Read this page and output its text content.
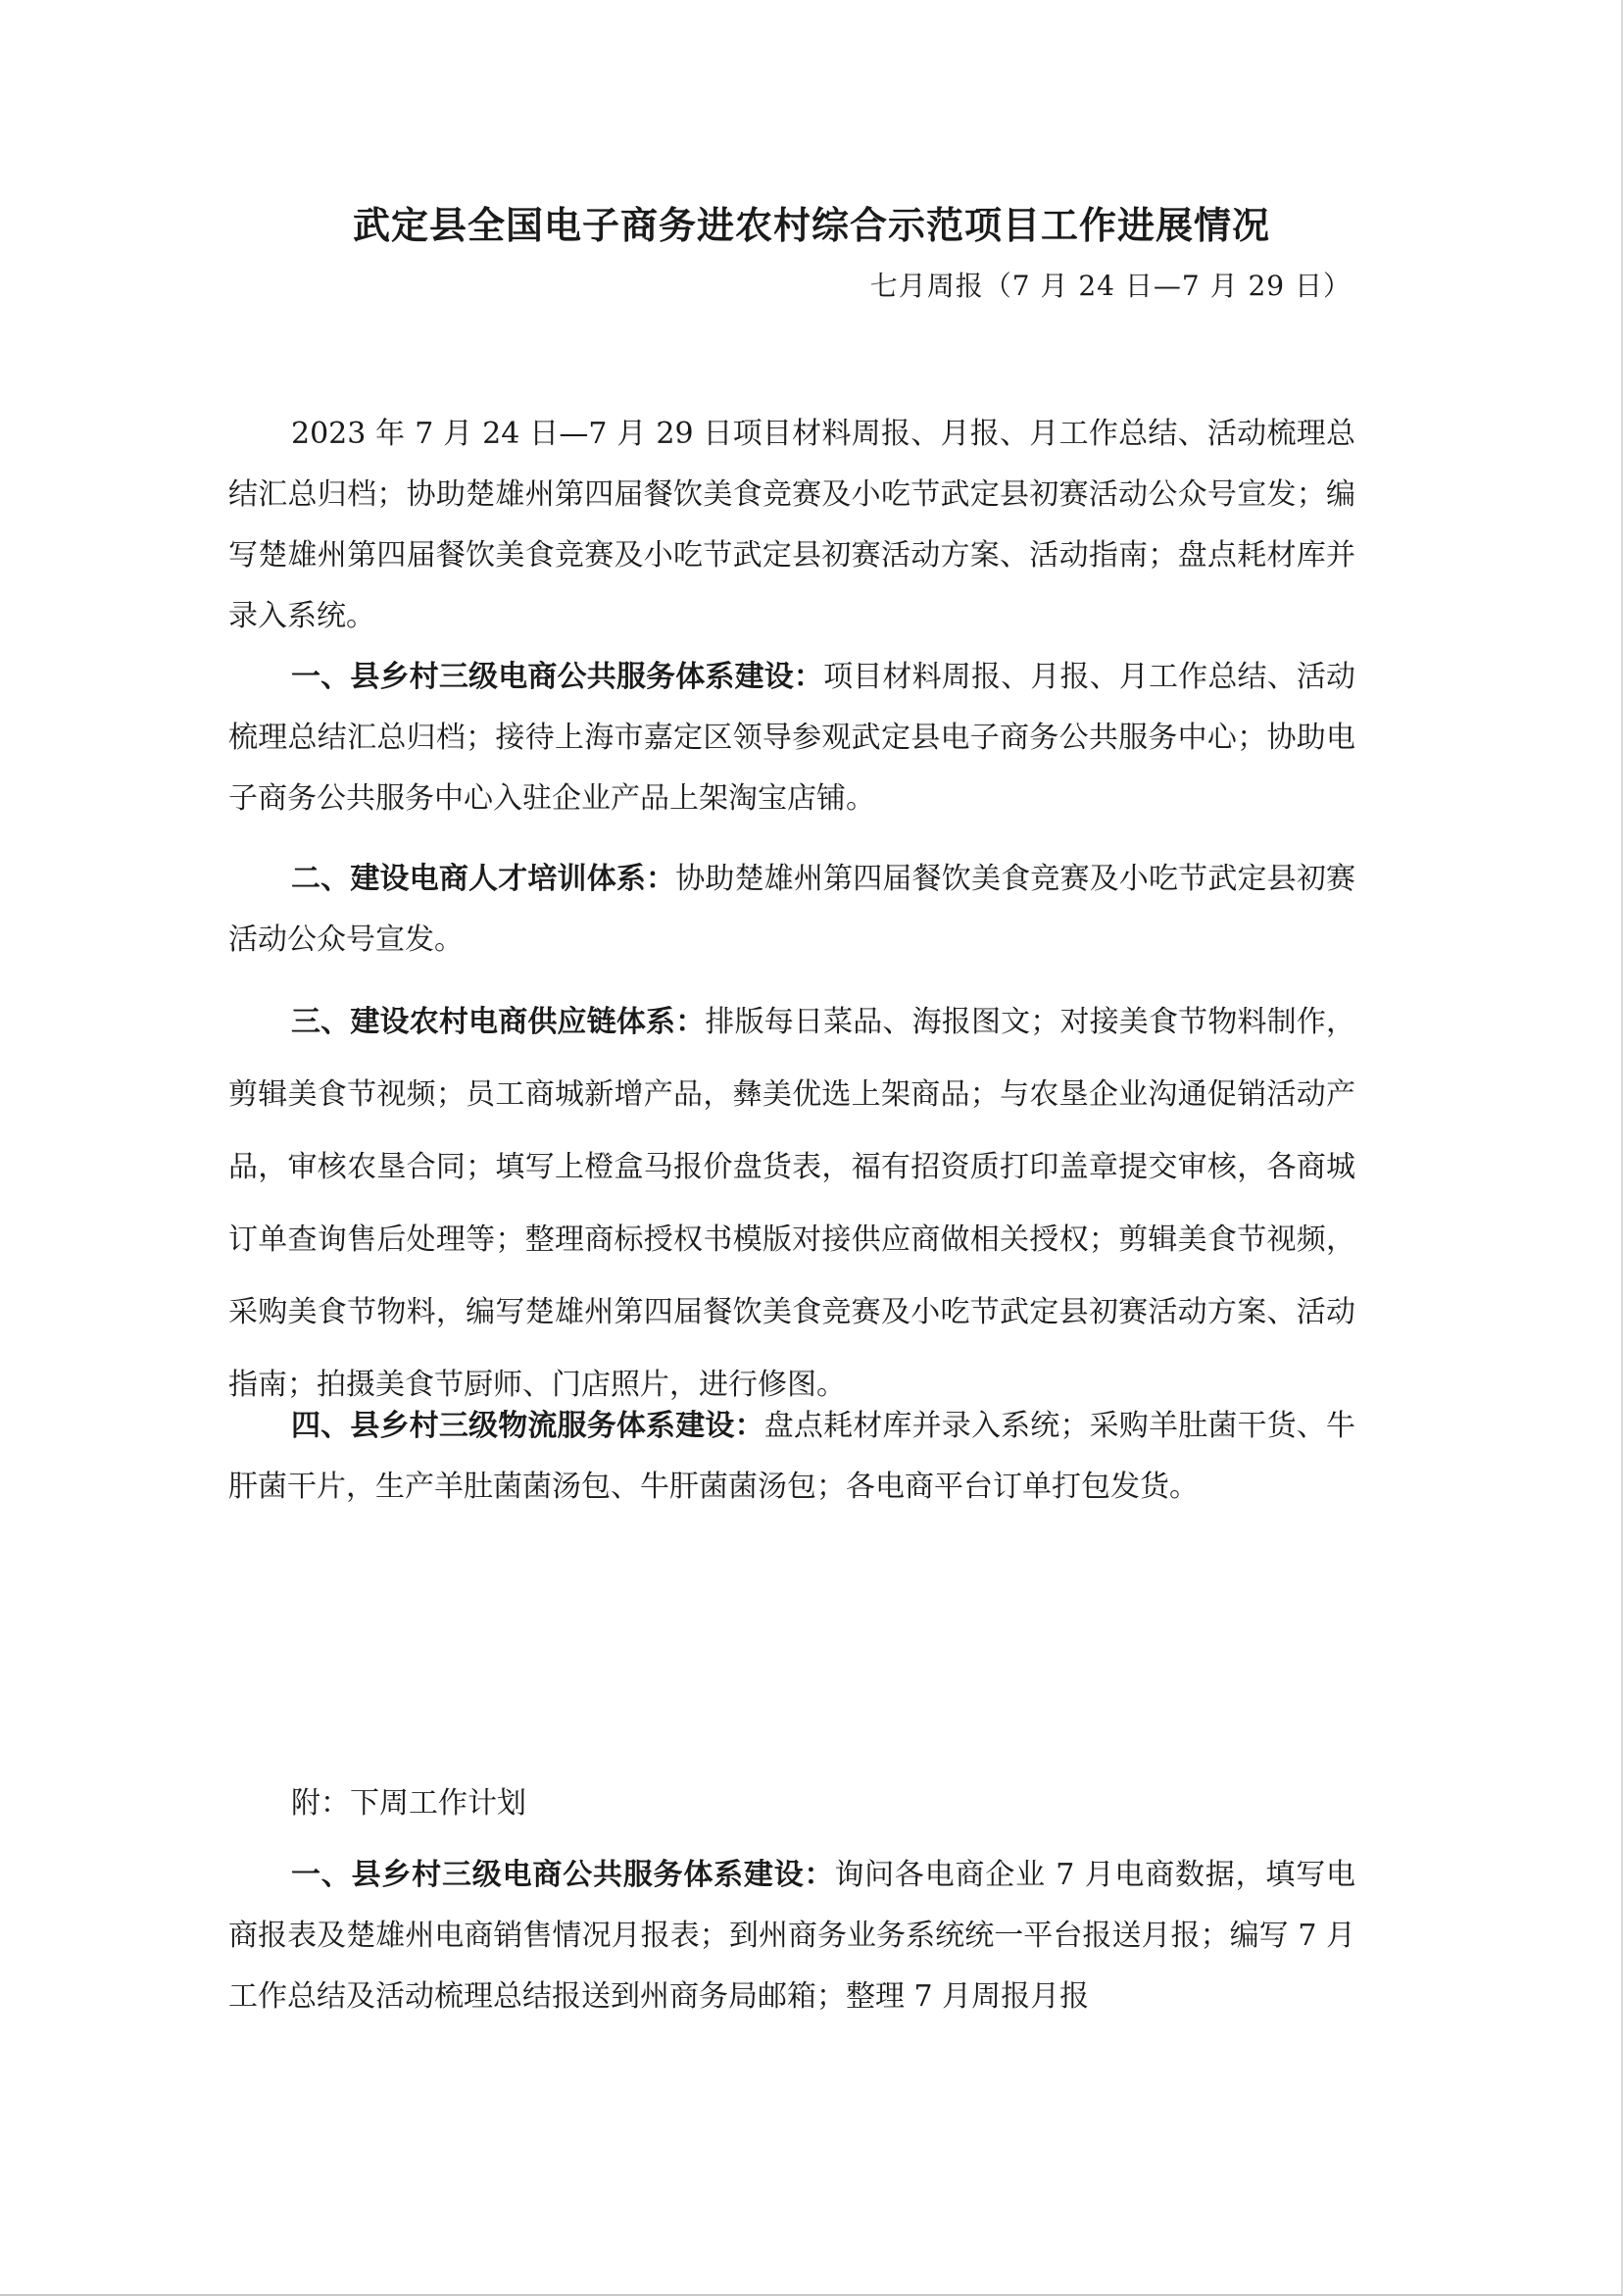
武定县全国电子商务进农村综合示范项目工作进展情况
七月周报（7 月 24 日—7 月 29 日）

2023 年 7 月 24 日—7 月 29 日项目材料周报、月报、月工作总结、活动梳理总结汇总归档；协助楚雄州第四届餐饮美食竞赛及小吃节武定县初赛活动公众号宣发；编写楚雄州第四届餐饮美食竞赛及小吃节武定县初赛活动方案、活动指南；盘点耗材库并录入系统。

一、县乡村三级电商公共服务体系建设：项目材料周报、月报、月工作总结、活动梳理总结汇总归档；接待上海市嘉定区领导参观武定县电子商务公共服务中心；协助电子商务公共服务中心入驻企业产品上架淘宝店铺。

二、建设电商人才培训体系：协助楚雄州第四届餐饮美食竞赛及小吃节武定县初赛活动公众号宣发。

三、建设农村电商供应链体系：排版每日菜品、海报图文；对接美食节物料制作，剪辑美食节视频；员工商城新增产品，彝美优选上架商品；与农垦企业沟通促销活动产品，审核农垦合同；填写上橙盒马报价盘货表，福有招资质打印盖章提交审核，各商城订单查询售后处理等；整理商标授权书模版对接供应商做相关授权；剪辑美食节视频，采购美食节物料，编写楚雄州第四届餐饮美食竞赛及小吃节武定县初赛活动方案、活动指南；拍摄美食节厨师、门店照片，进行修图。

四、县乡村三级物流服务体系建设：盘点耗材库并录入系统；采购羊肚菌干货、牛肝菌干片，生产羊肚菌菌汤包、牛肝菌菌汤包；各电商平台订单打包发货。

附：下周工作计划

一、县乡村三级电商公共服务体系建设：询问各电商企业 7 月电商数据，填写电商报表及楚雄州电商销售情况月报表；到州商务业务系统统一平台报送月报；编写 7 月工作总结及活动梳理总结报送到州商务局邮箱；整理 7 月周报月报
